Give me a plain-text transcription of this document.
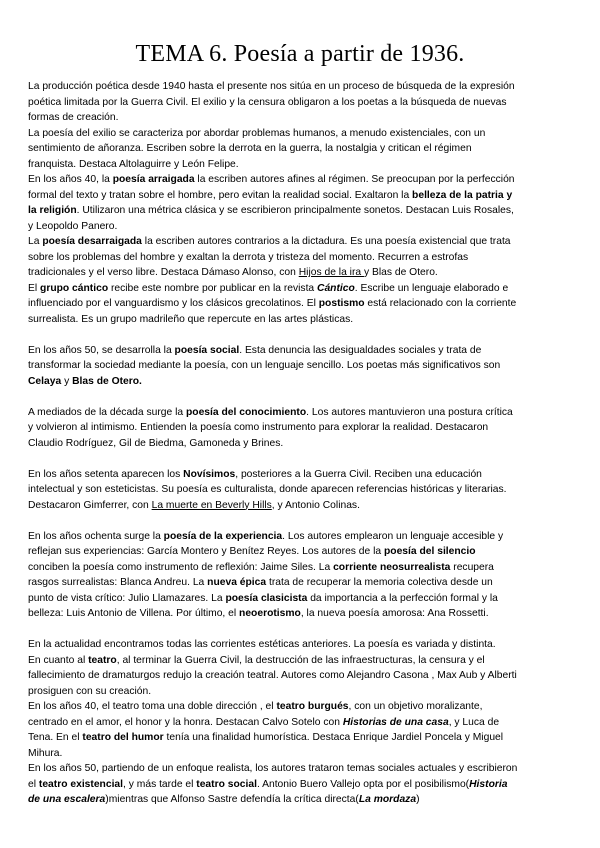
TEMA 6. Poesía a partir de 1936.

La producción poética desde 1940 hasta el presente nos sitúa en un proceso de búsqueda de la expresión
poética limitada por la Guerra Civil. El exilio y la censura obligaron a los poetas a la búsqueda de nuevas
formas de creación.

La poesía del exilio se caracteriza por abordar problemas humanos, a menudo existenciales, con un
sentimiento de añoranza. Escriben sobre la derrota en la guerra, la nostalgia y critican el régimen
franquista. Destaca Altolaguirre y León Felipe.

En los años 40, la poesía arraigada la escriben autores afines al régimen. Se preocupan por la perfección
formal del texto y tratan sobre el hombre, pero evitan la realidad social. Exaltaron la belleza de la patria y
la religión. Utilizaron una métrica clásica y se escribieron principalmente sonetos. Destacan Luis Rosales,
y Leopoldo Panero.

La poesía desarraigada la escriben autores contrarios a la dictadura. Es una poesía existencial que trata
sobre los problemas del hombre y exaltan la derrota y tristeza del momento. Recurren a estrofas
tradicionales y el verso libre. Destaca Dámaso Alonso, con Hijos de la ira y Blas de Otero.

El grupo cántico recibe este nombre por publicar en la revista Cántico. Escribe un lenguaje elaborado e
influenciado por el vanguardismo y los clásicos grecolatinos. El postismo está relacionado con la corriente
surrealista. Es un grupo madrileño que repercute en las artes plásticas.

En los años 50, se desarrolla la poesía social. Esta denuncia las desigualdades sociales y trata de
transformar la sociedad mediante la poesía, con un lenguaje sencillo. Los poetas más significativos son
Celaya y Blas de Otero.

A mediados de la década surge la poesía del conocimiento. Los autores mantuvieron una postura crítica
y volvieron al intimismo. Entienden la poesía como instrumento para explorar la realidad. Destacaron
Claudio Rodríguez, Gil de Biedma, Gamoneda y Brines.

En los años setenta aparecen los Novísimos, posteriores a la Guerra Civil. Reciben una educación
intelectual y son esteticistas. Su poesía es culturalista, donde aparecen referencias históricas y literarias.
Destacaron Gimferrer, con La muerte en Beverly Hills, y Antonio Colinas.

En los años ochenta surge la poesía de la experiencia. Los autores emplearon un lenguaje accesible y
reflejan sus experiencias: García Montero y Benítez Reyes. Los autores de la poesía del silencio
conciben la poesía como instrumento de reflexión: Jaime Siles. La corriente neosurrealista recupera
rasgos surrealistas: Blanca Andreu. La nueva épica trata de recuperar la memoria colectiva desde un
punto de vista crítico: Julio Llamazares. La poesía clasicista da importancia a la perfección formal y la
belleza: Luis Antonio de Villena. Por último, el neoerotismo, la nueva poesía amorosa: Ana Rossetti.

En la actualidad encontramos todas las corrientes estéticas anteriores. La poesía es variada y distinta.

En cuanto al teatro, al terminar la Guerra Civil, la destrucción de las infraestructuras, la censura y el
fallecimiento de dramaturgos redujo la creación teatral. Autores como Alejandro Casona , Max Aub y Alberti
prosiguen con su creación.

En los años 40, el teatro toma una doble dirección , el teatro burgués, con un objetivo moralizante,
centrado en el amor, el honor y la honra. Destacan Calvo Sotelo con Historias de una casa, y Luca de
Tena. En el teatro del humor tenía una finalidad humorística. Destaca Enrique Jardiel Poncela y Miguel
Mihura.

En los años 50, partiendo de un enfoque realista, los autores trataron temas sociales actuales y escribieron
el teatro existencial, y más tarde el teatro social. Antonio Buero Vallejo opta por el posibilismo(Historia
de una escalera)mientras que Alfonso Sastre defendía la crítica directa(La mordaza)
